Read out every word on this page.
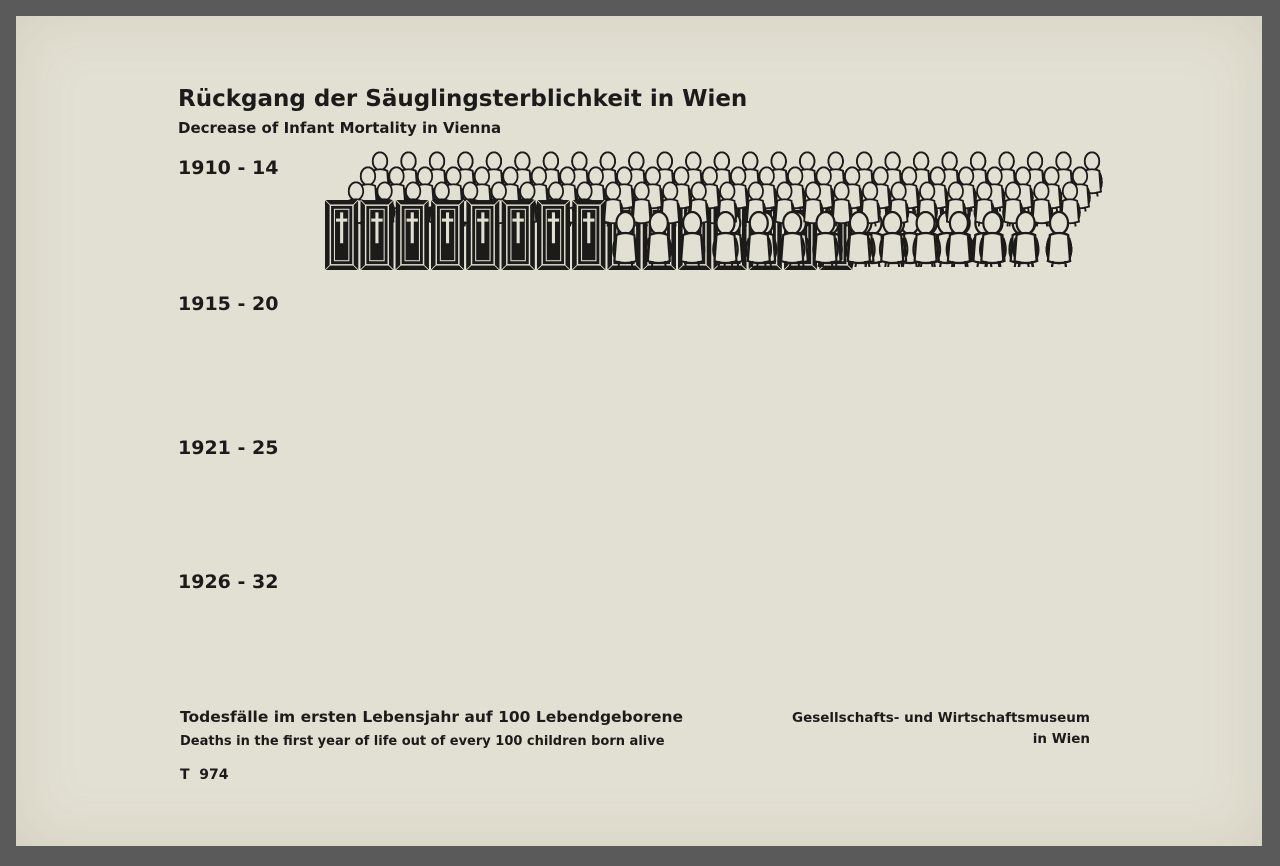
Rückgang der Säuglingsterblichkeit in Wien
Decrease of Infant Mortality in Vienna
1910 - 14
1915 - 20
1921 - 25
1926 - 32
Todesfälle im ersten Lebensjahr auf 100 Lebendgeborene
Deaths in the first year of life out of every 100 children born alive
Gesellschafts- und Wirtschaftsmuseum
in Wien
T  974
